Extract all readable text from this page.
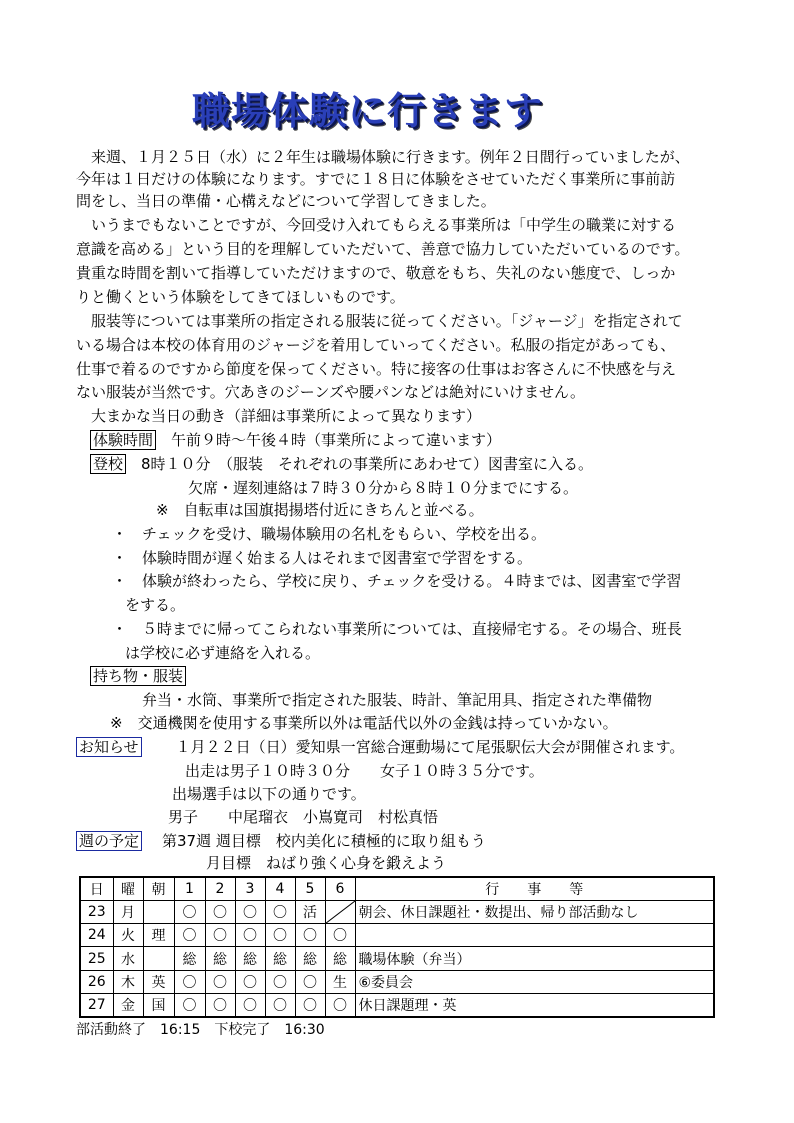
職場体験に行きます
　来週、１月２５日（水）に２年生は職場体験に行きます。例年２日間行っていましたが、
今年は１日だけの体験になります。すでに１８日に体験をさせていただく事業所に事前訪
問をし、当日の準備・心構えなどについて学習してきました。
　いうまでもないことですが、今回受け入れてもらえる事業所は「中学生の職業に対する
意識を高める」という目的を理解していただいて、善意で協力していただいているのです。
貴重な時間を割いて指導していただけますので、敬意をもち、失礼のない態度で、しっか
りと働くという体験をしてきてほしいものです。
　服装等については事業所の指定される服装に従ってください。「ジャージ」を指定されて
いる場合は本校の体育用のジャージを着用していってください。私服の指定があっても、
仕事で着るのですから節度を保ってください。特に接客の仕事はお客さんに不快感を与え
ない服装が当然です。穴あきのジーンズや腰パンなどは絶対にいけません。
　大まかな当日の動き（詳細は事業所によって異なります）
体験時間　午前９時〜午後４時（事業所によって違います）
登校　8時１０分　（服装　それぞれの事業所にあわせて）図書室に入る。
欠席・遅刻連絡は７時３０分から８時１０分までにする。
※　自転車は国旗掲揚塔付近にきちんと並べる。
・　チェックを受け、職場体験用の名札をもらい、学校を出る。
・　体験時間が遅く始まる人はそれまで図書室で学習をする。
・　体験が終わったら、学校に戻り、チェックを受ける。４時までは、図書室で学習
をする。
・　５時までに帰ってこられない事業所については、直接帰宅する。その場合、班長
は学校に必ず連絡を入れる。
持ち物・服装
弁当・水筒、事業所で指定された服装、時計、筆記用具、指定された準備物
※　交通機関を使用する事業所以外は電話代以外の金銭は持っていかない。
お知らせ １月２２日（日）愛知県一宮総合運動場にて尾張駅伝大会が開催されます。
出走は男子１０時３０分　　女子１０時３５分です。
出場選手は以下の通りです。
男子　　中尾瑠衣　小嶌寛司　村松真悟
週の予定 第37週 週目標　校内美化に積極的に取り組もう
月目標　ねばり強く心身を鍛えよう
日	曜	朝	1	2	3	4	5	6	行　　事　　等
23	月		〇	〇	〇	〇	活		朝会、休日課題社・数提出、帰り部活動なし
24	火	理	〇	〇	〇	〇	〇	〇	
25	水		総	総	総	総	総	総	職場体験（弁当）
26	木	英	〇	〇	〇	〇	〇	生	⑥委員会
27	金	国	〇	〇	〇	〇	〇	〇	休日課題理・英
部活動終了　16:15　下校完了　16:30
